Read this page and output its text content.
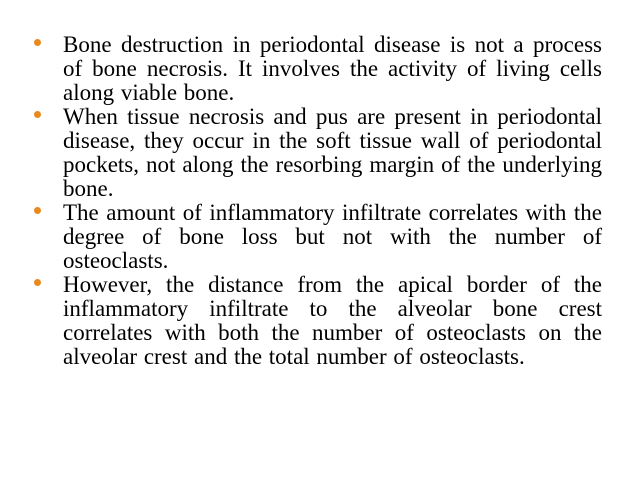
Bone destruction in periodontal disease is not a process of bone necrosis. It involves the activity of living cells along viable bone.
When tissue necrosis and pus are present in periodontal disease, they occur in the soft tissue wall of periodontal pockets, not along the resorbing margin of the underlying bone.
The amount of inflammatory infiltrate correlates with the degree of bone loss but not with the number of osteoclasts.
However, the distance from the apical border of the inflammatory infiltrate to the alveolar bone crest correlates with both the number of osteoclasts on the alveolar crest and the total number of osteoclasts.
